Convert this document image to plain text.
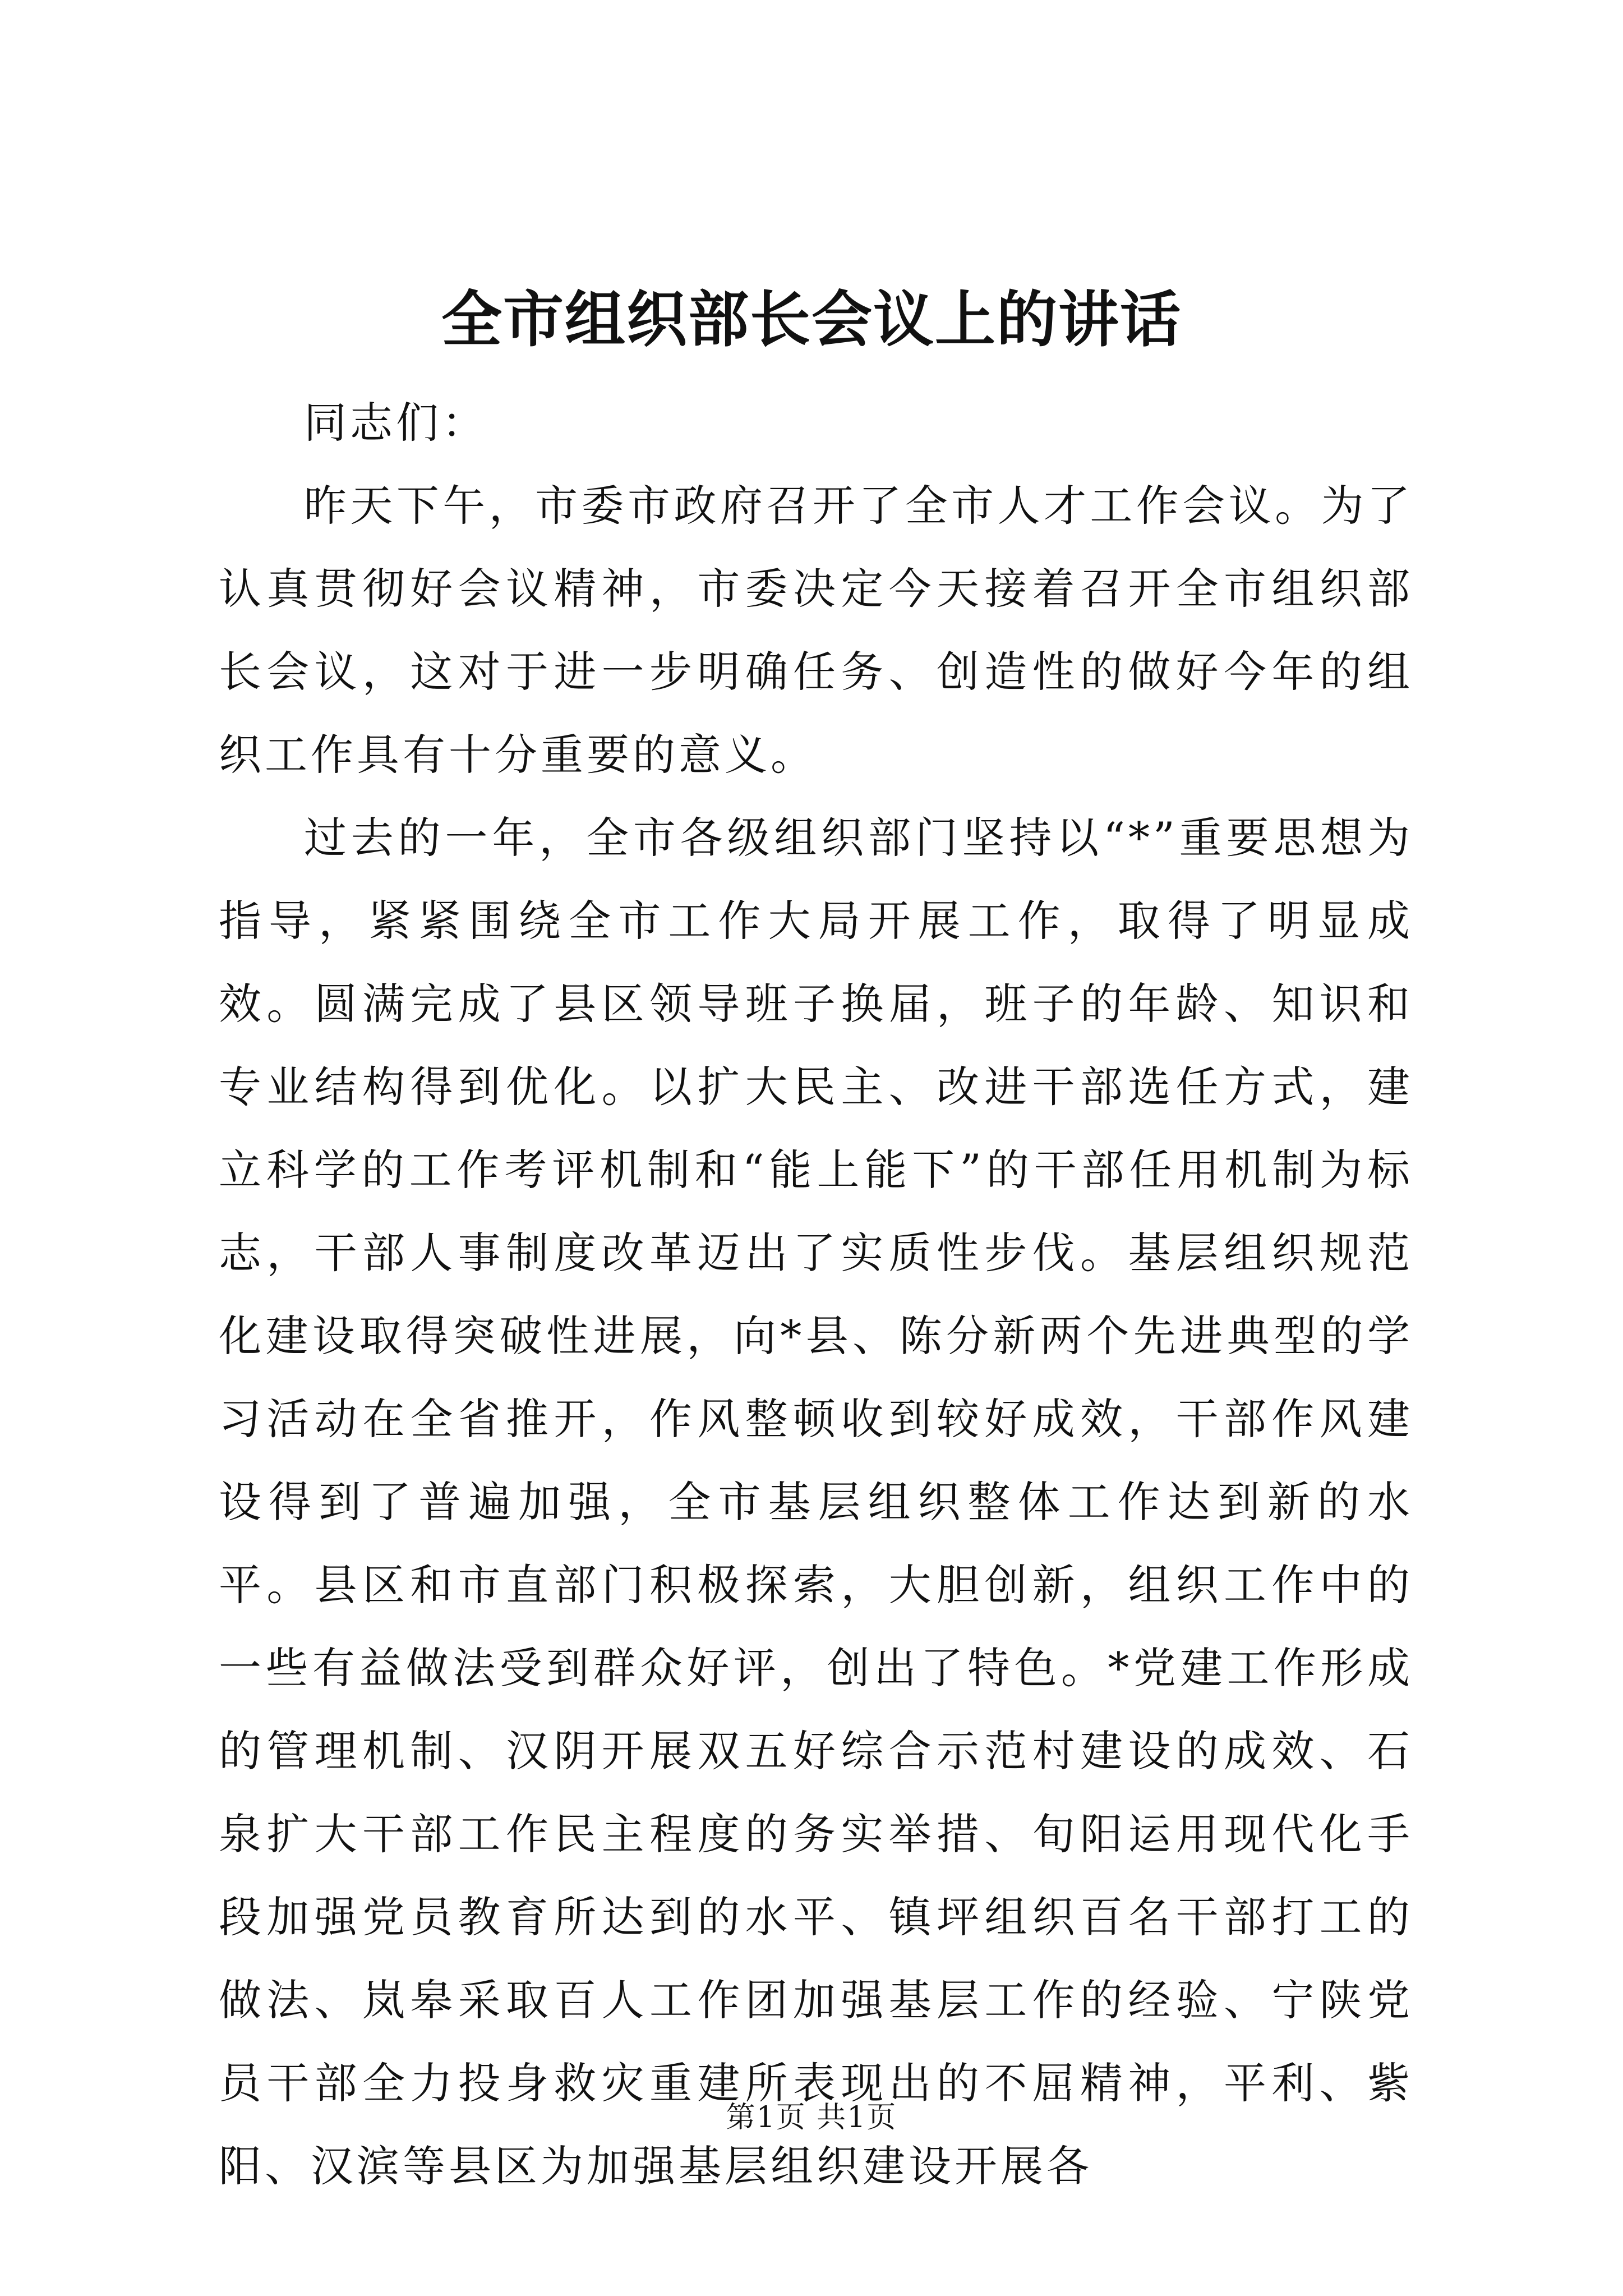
全市组织部长会议上的讲话

同志们：

昨天下午，市委市政府召开了全市人才工作会议。为了认真贯彻好会议精神，市委决定今天接着召开全市组织部长会议，这对于进一步明确任务、创造性的做好今年的组织工作具有十分重要的意义。

过去的一年，全市各级组织部门坚持以“*”重要思想为指导，紧紧围绕全市工作大局开展工作，取得了明显成效。圆满完成了县区领导班子换届，班子的年龄、知识和专业结构得到优化。以扩大民主、改进干部选任方式，建立科学的工作考评机制和“能上能下”的干部任用机制为标志，干部人事制度改革迈出了实质性步伐。基层组织规范化建设取得突破性进展，向*县、陈分新两个先进典型的学习活动在全省推开，作风整顿收到较好成效，干部作风建设得到了普遍加强，全市基层组织整体工作达到新的水平。县区和市直部门积极探索，大胆创新，组织工作中的一些有益做法受到群众好评，创出了特色。*党建工作形成的管理机制、汉阴开展双五好综合示范村建设的成效、石泉扩大干部工作民主程度的务实举措、旬阳运用现代化手段加强党员教育所达到的水平、镇坪组织百名干部打工的做法、岚皋采取百人工作团加强基层工作的经验、宁陕党员干部全力投身救灾重建所表现出的不屈精神，平利、紫阳、汉滨等县区为加强基层组织建设开展各

第1页 共1页
